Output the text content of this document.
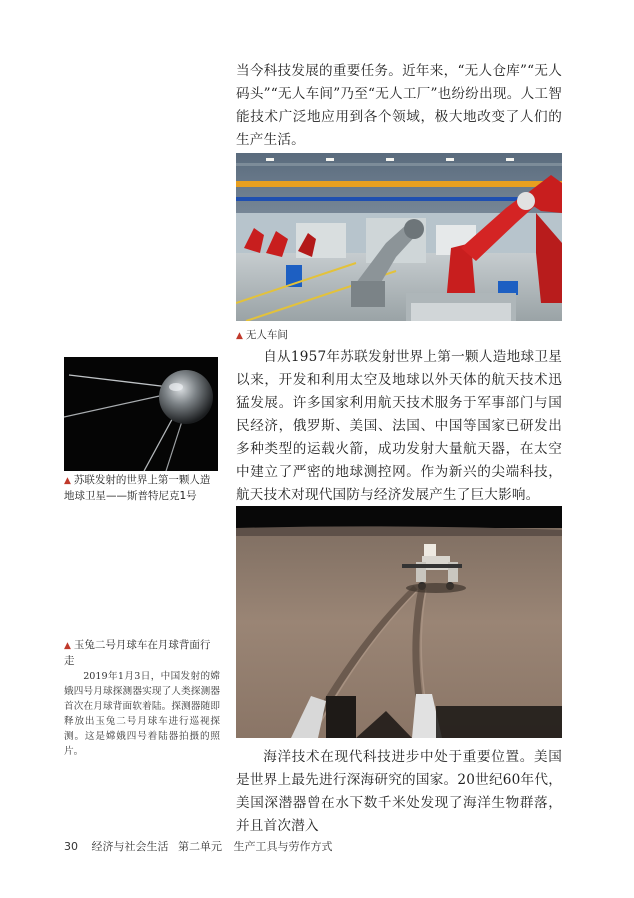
当今科技发展的重要任务。近年来，“无人仓库”“无人码头”“无人车间”乃至“无人工厂”也纷纷出现。人工智能技术广泛地应用到各个领域，极大地改变了人们的生产生活。

▲ 无人车间
▲ 苏联发射的世界上第一颗人造地球卫星——斯普特尼克1号

自从1957年苏联发射世界上第一颗人造地球卫星以来，开发和利用太空及地球以外天体的航天技术迅猛发展。许多国家利用航天技术服务于军事部门与国民经济，俄罗斯、美国、法国、中国等国家已研发出多种类型的运载火箭，成功发射大量航天器，在太空中建立了严密的地球测控网。作为新兴的尖端科技，航天技术对现代国防与经济发展产生了巨大影响。

▲ 玉兔二号月球车在月球背面行走

2019年1月3日，中国发射的嫦娥四号月球探测器实现了人类探测器首次在月球背面软着陆。探测器随即释放出玉兔二号月球车进行巡视探测。这是嫦娥四号着陆器拍摄的照片。	海洋技术在现代科技进步中处于重要位置。美国是世界上最先进行深海研究的国家。20世纪60年代，美国深潜器曾在水下数千米处发现了海洋生物群落，并且首次潜入

30 经济与社会生活 第二单元 生产工具与劳作方式
